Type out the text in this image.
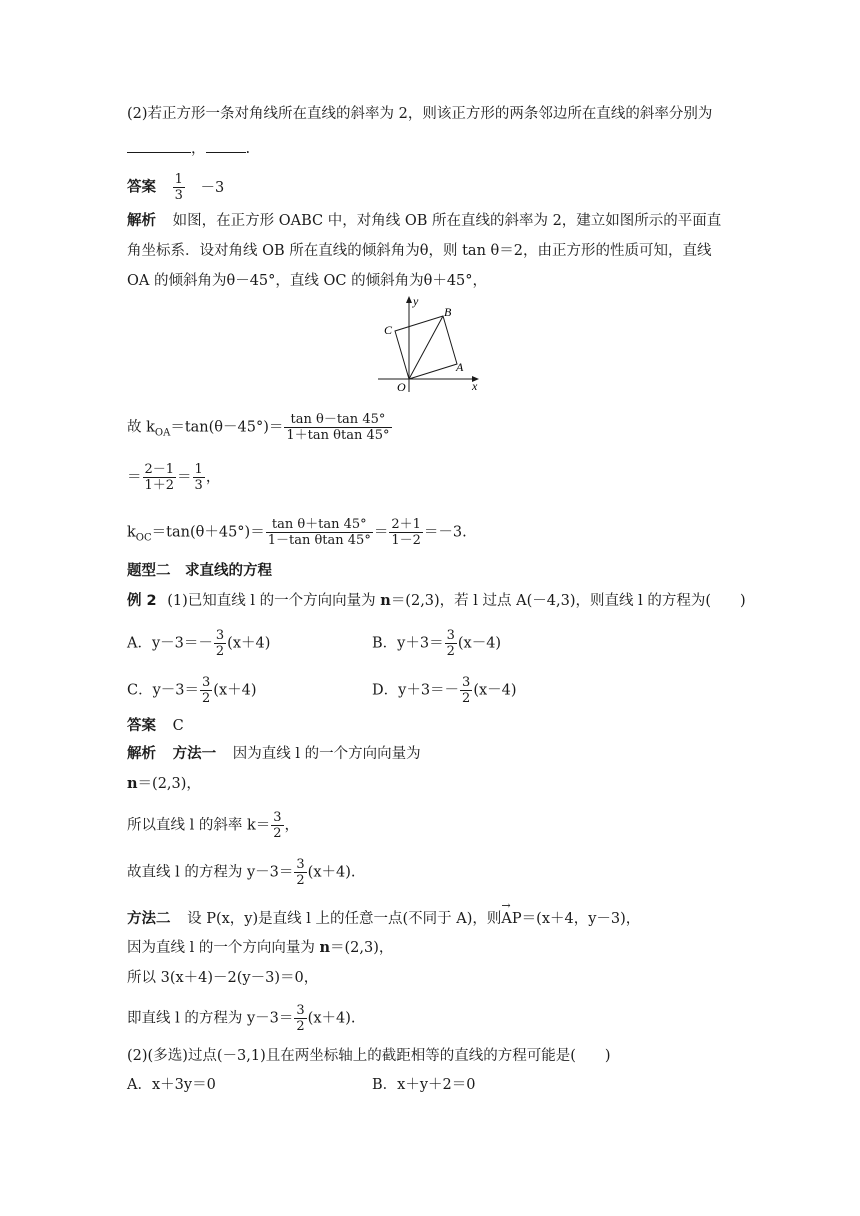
(2)若正方形一条对角线所在直线的斜率为 2，则该正方形的两条邻边所在直线的斜率分别为
，	.
答案 $\frac{1}{3} -3$
解析 如图，在正方形 OABC 中，对角线 OB 所在直线的斜率为 2，建立如图所示的平面直
角坐标系．设对角线 OB 所在直线的倾斜角为θ，则 tan θ＝2，由正方形的性质可知，直线
OA 的倾斜角为θ－45°，直线 OC 的倾斜角为θ＋45°，
y
x
O
A
B
C
故 $k_{OA}=\tan(\theta-45^\circ)= \frac{\text{tan θ－tan 45°}}{\text{1＋tan θtan 45°}}$
＝ $\frac{2-1}{1+2} = \frac{1}{3}$ ，
$k_{OC}=\tan(\theta+45^\circ)= \frac{\text{tan θ＋tan 45°}}{\text{1－tan θtan 45°}} = \frac{2+1}{1-2} =-3$.
题型二　求直线的方程
例 2 (1)已知直线 l 的一个方向向量为 n＝(2,3)，若 l 过点 A(－4,3)，则直线 l 的方程为(　　)
A．$y-3=- \frac{3}{2} (x+4)$	B．$y+3= \frac{3}{2} (x-4)$
C．$y-3= \frac{3}{2} (x+4)$	D．$y+3=- \frac{3}{2} (x-4)$
答案 C
解析 方法一 因为直线 l 的一个方向向量为
n＝(2,3)，
所以直线 l 的斜率 $k= \frac{3}{2}$ ，
故直线 l 的方程为 $y-3= \frac{3}{2} (x+4)$.
方法二 设 P(x，y)是直线 l 上的任意一点(不同于 A)，则→ AP＝(x＋4，y－3)，
因为直线 l 的一个方向向量为 n＝(2,3)，
所以 3(x＋4)－2(y－3)＝0，
即直线 l 的方程为 $y-3= \frac{3}{2} (x+4)$.
(2)(多选)过点(－3,1)且在两坐标轴上的截距相等的直线的方程可能是(　　)
A．x＋3y＝0	B．x＋y＋2＝0
